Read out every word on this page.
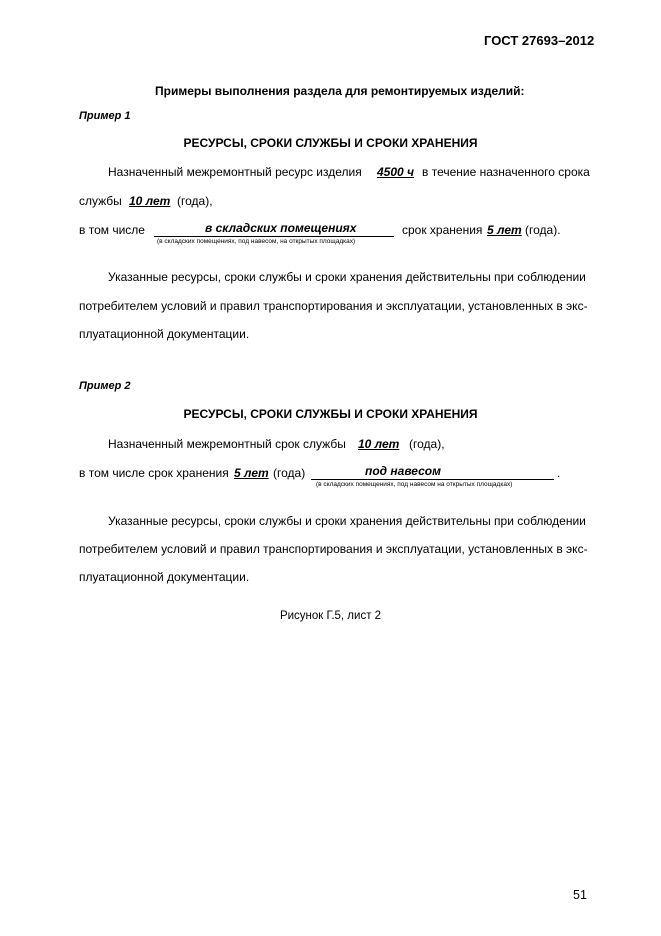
ГОСТ 27693–2012
Примеры выполнения раздела для ремонтируемых изделий:
Пример 1
РЕСУРСЫ, СРОКИ СЛУЖБЫ И СРОКИ ХРАНЕНИЯ
Назначенный межремонтный ресурс изделия 4500 ч в течение назначенного срока
службы 10 лет (года),
в том числе	в складских помещениях
(в складских помещениях, под навесом, на открытых площадках)
срок хранения 5 лет (года).
Указанные ресурсы, сроки службы и сроки хранения действительны при соблюдении
потребителем условий и правил транспортирования и эксплуатации, установленных в экс-
плуатационной документации.
Пример 2
РЕСУРСЫ, СРОКИ СЛУЖБЫ И СРОКИ ХРАНЕНИЯ
Назначенный межремонтный срок службы 10 лет (года),
в том числе срок хранения 5 лет (года)	под навесом
(в складских помещениях, под навесом на открытых площадках)
.
Указанные ресурсы, сроки службы и сроки хранения действительны при соблюдении
потребителем условий и правил транспортирования и эксплуатации, установленных в экс-
плуатационной документации.
Рисунок Г.5, лист 2
51
